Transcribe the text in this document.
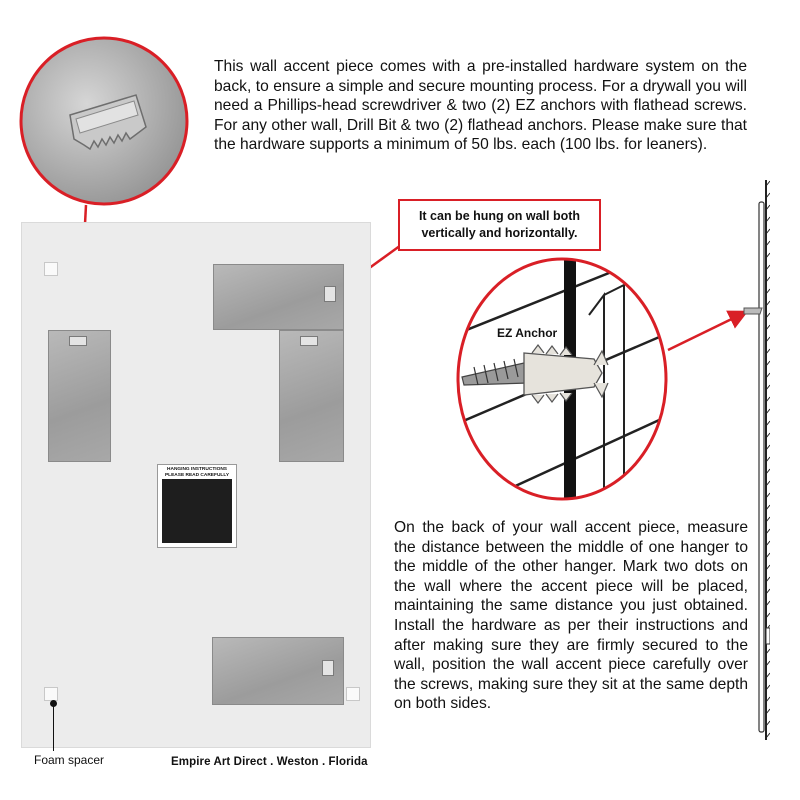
This wall accent piece comes with a pre-installed hardware system on the back, to ensure a simple and secure mounting process. For a drywall you will need a Phillips-head screwdriver & two (2) EZ anchors with flathead screws. For any other wall, Drill Bit & two (2) flathead anchors. Please make sure that the hardware supports a minimum of 50 lbs. each (100 lbs. for leaners).
It can be hung on wall both vertically and horizontally.
HANGING INSTRUCTIONS PLEASE READ CAREFULLY
Foam spacer	Empire Art Direct . Weston . Florida
EZ Anchor
On the back of your wall accent piece, measure the distance between the middle of one hanger to the middle of the other hanger. Mark two dots on the wall where the accent piece will be placed, maintaining the same distance you just obtained. Install the hardware as per their instructions and after making sure they are firmly secured to the wall, position the wall accent piece carefully over the screws, making sure they sit at the same depth on both sides.
